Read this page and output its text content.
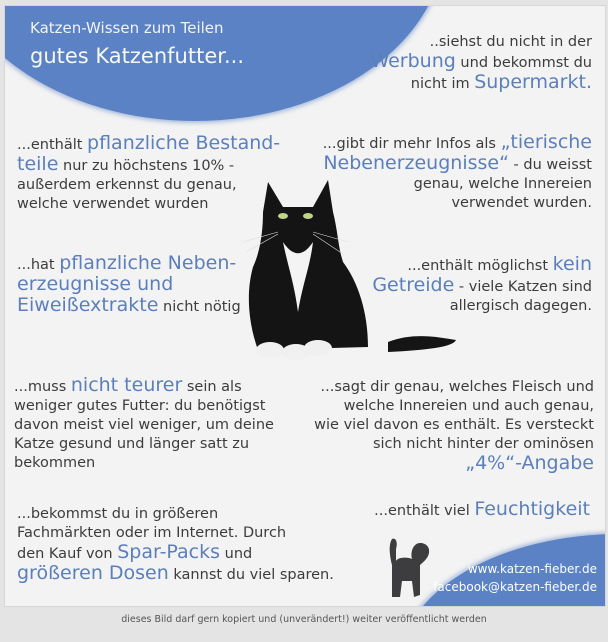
Katzen-Wissen zum Teilen
gutes Katzenfutter...
..siehst du nicht in der
Werbung und bekommst du
nicht im Supermarkt.
...enthält pflanzliche Bestand-
teile nur zu höchstens 10% -
außerdem erkennst du genau,
welche verwendet wurden
...gibt dir mehr Infos als „tierische
Nebenerzeugnisse“ - du weisst
genau, welche Innereien
verwendet wurden.
...hat pflanzliche Neben-
erzeugnisse und
Eiweißextrakte nicht nötig
...enthält möglichst kein
Getreide - viele Katzen sind
allergisch dagegen.
...muss nicht teurer sein als
weniger gutes Futter: du benötigst
davon meist viel weniger, um deine
Katze gesund und länger satt zu
bekommen
...sagt dir genau, welches Fleisch und
welche Innereien und auch genau,
wie viel davon es enthält. Es versteckt
sich nicht hinter der ominösen
„4%“-Angabe
...bekommst du in größeren
Fachmärkten oder im Internet. Durch
den Kauf von Spar-Packs und
größeren Dosen kannst du viel sparen.
...enthält viel Feuchtigkeit
www.katzen-fieber.de
facebook@katzen-fieber.de
dieses Bild darf gern kopiert und (unverändert!) weiter veröffentlicht werden
